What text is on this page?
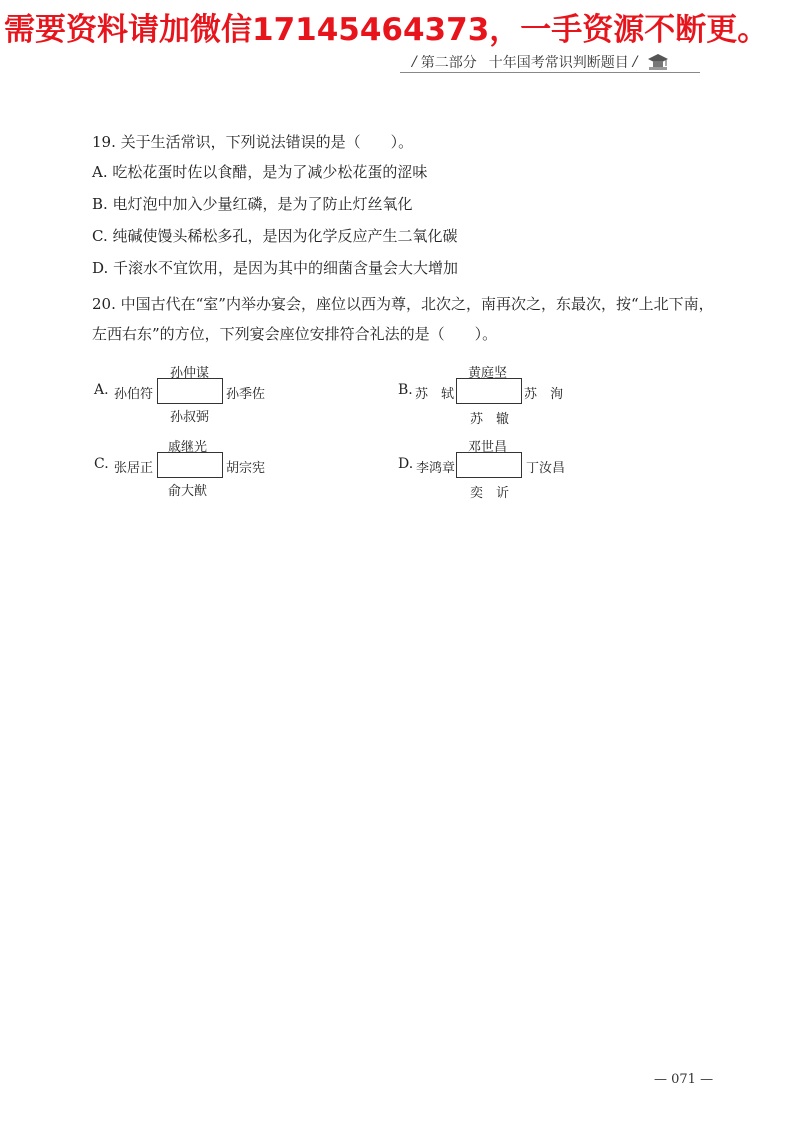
需要资料请加微信17145464373，一手资源不断更。
/ 第二部分 十年国考常识判断题目 /
19. 关于生活常识，下列说法错误的是（　　）。
A. 吃松花蛋时佐以食醋，是为了减少松花蛋的涩味
B. 电灯泡中加入少量红磷，是为了防止灯丝氧化
C. 纯碱使馒头稀松多孔，是因为化学反应产生二氧化碳
D. 千滚水不宜饮用，是因为其中的细菌含量会大大增加
20. 中国古代在“室”内举办宴会，座位以西为尊，北次之，南再次之，东最次，按“上北下南，
左西右东”的方位，下列宴会座位安排符合礼法的是（　　）。
A.
孙仲谋
孙伯符	孙季佐
孙叔弼
B.
黄庭坚
苏　轼	苏　洵
苏　辙
C.
戚继光
张居正	胡宗宪
俞大猷
D.
邓世昌
李鸿章	丁汝昌
奕　䜣
— 071 —
